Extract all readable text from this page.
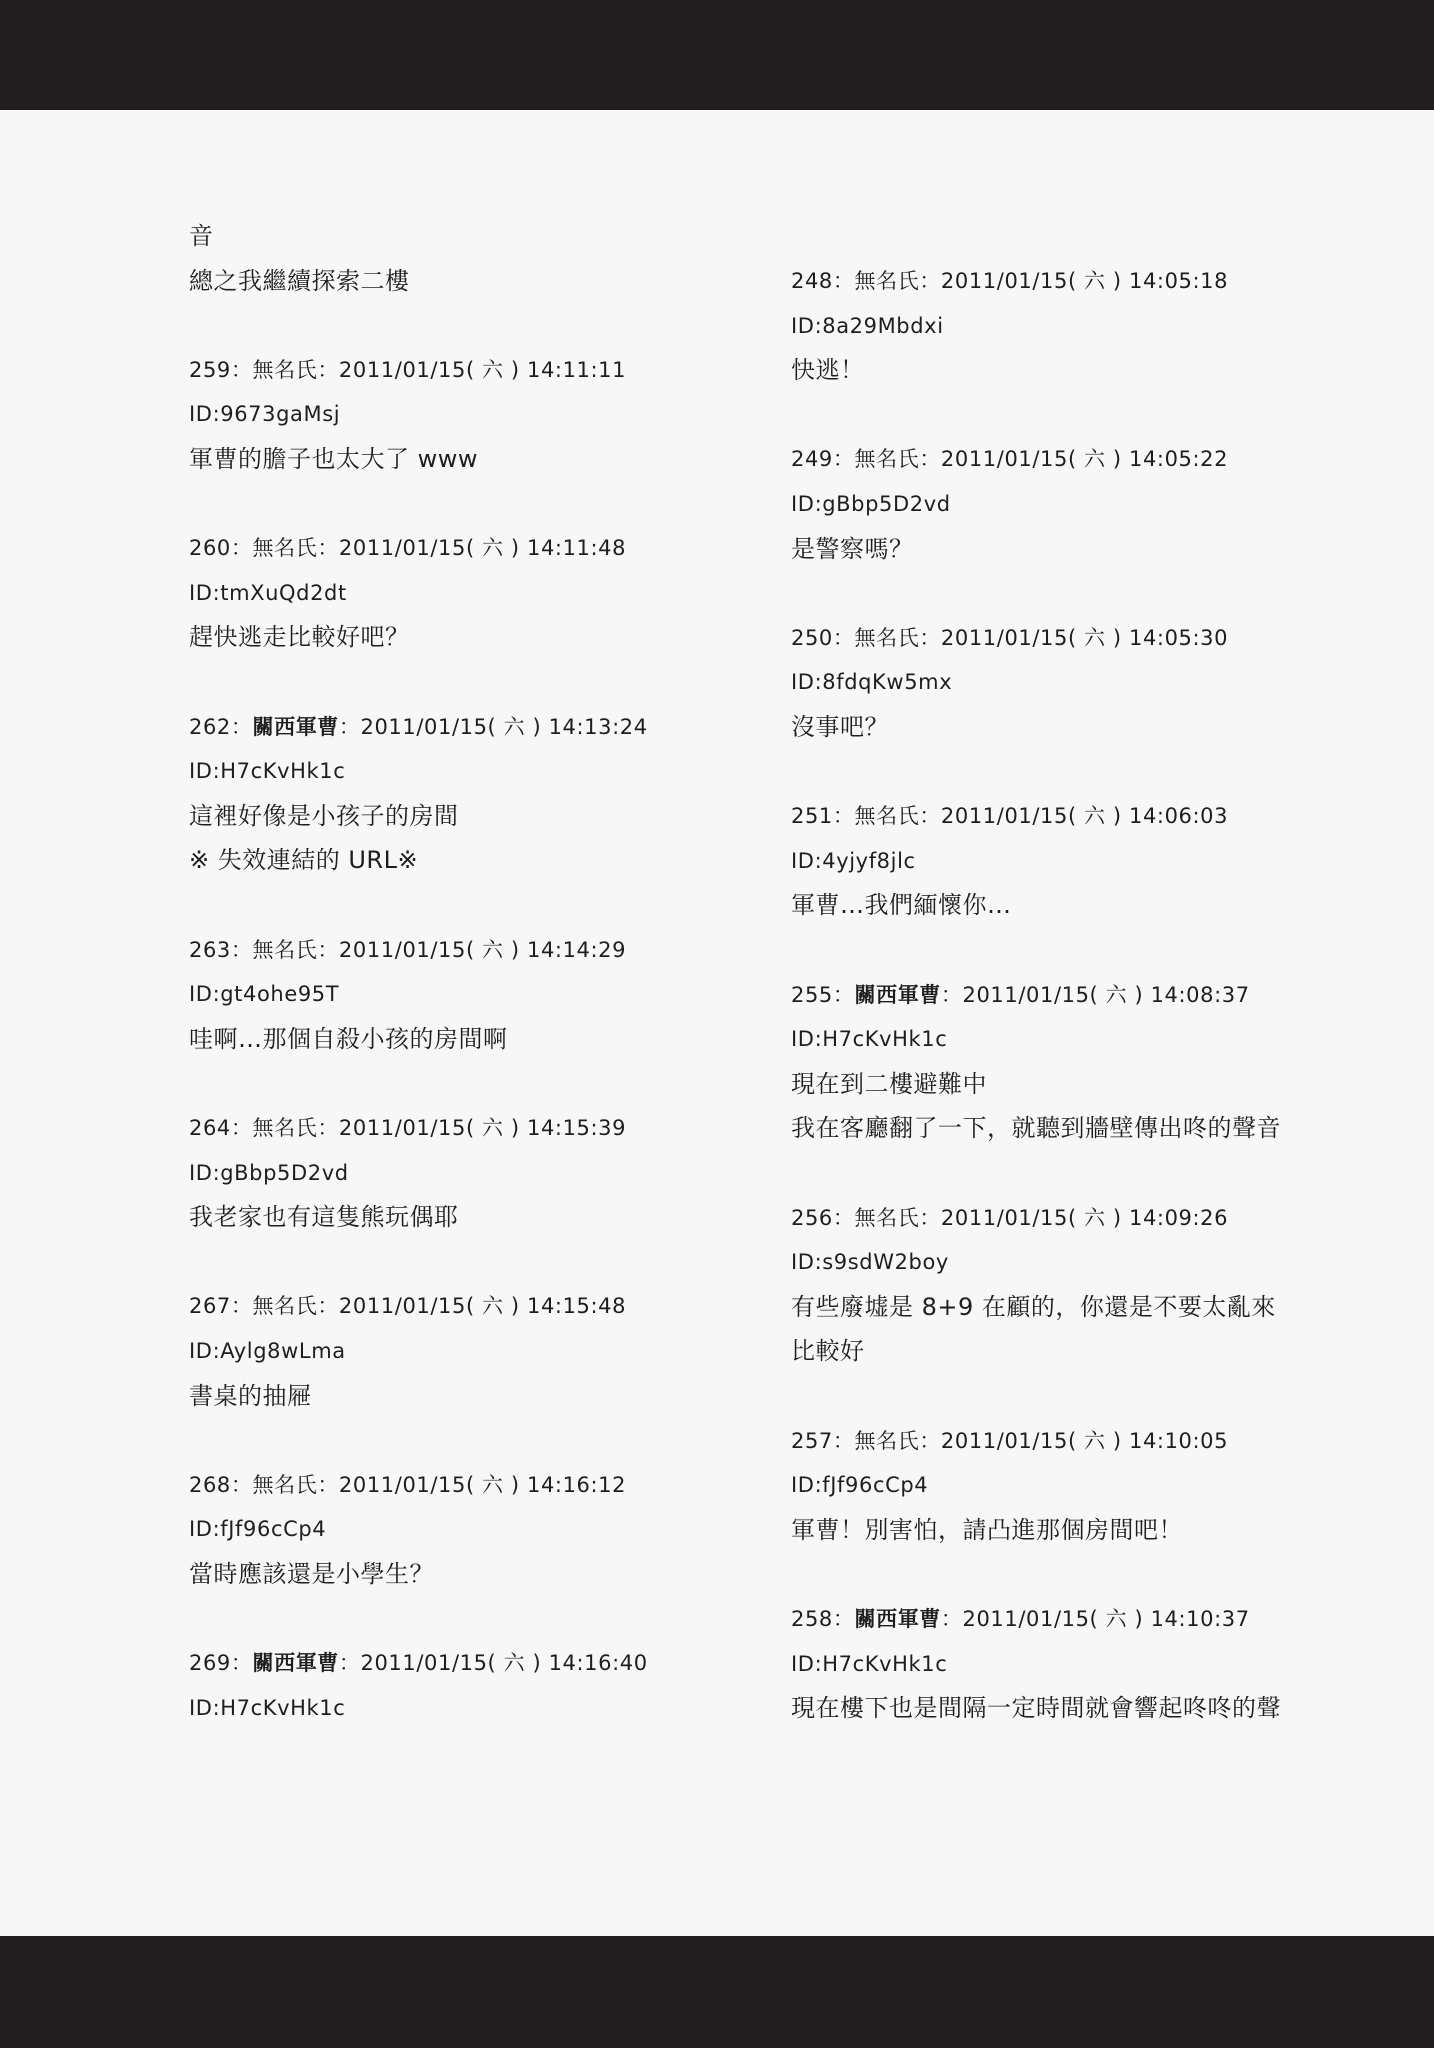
音
總之我繼續探索二樓
259：無名氏：2011/01/15( 六 ) 14:11:11
ID:9673gaMsj
軍曹的膽子也太大了 www
260：無名氏：2011/01/15( 六 ) 14:11:48
ID:tmXuQd2dt
趕快逃走比較好吧？
262：關西軍曹：2011/01/15( 六 ) 14:13:24
ID:H7cKvHk1c
這裡好像是小孩子的房間
※ 失效連結的 URL※
263：無名氏：2011/01/15( 六 ) 14:14:29
ID:gt4ohe95T
哇啊…那個自殺小孩的房間啊
264：無名氏：2011/01/15( 六 ) 14:15:39
ID:gBbp5D2vd
我老家也有這隻熊玩偶耶
267：無名氏：2011/01/15( 六 ) 14:15:48
ID:Aylg8wLma
書桌的抽屜
268：無名氏：2011/01/15( 六 ) 14:16:12
ID:fJf96cCp4
當時應該還是小學生？
269：關西軍曹：2011/01/15( 六 ) 14:16:40
ID:H7cKvHk1c
248：無名氏：2011/01/15( 六 ) 14:05:18
ID:8a29Mbdxi
快逃！
249：無名氏：2011/01/15( 六 ) 14:05:22
ID:gBbp5D2vd
是警察嗎？
250：無名氏：2011/01/15( 六 ) 14:05:30
ID:8fdqKw5mx
沒事吧？
251：無名氏：2011/01/15( 六 ) 14:06:03
ID:4yjyf8jlc
軍曹…我們緬懷你…
255：關西軍曹：2011/01/15( 六 ) 14:08:37
ID:H7cKvHk1c
現在到二樓避難中
我在客廳翻了一下，就聽到牆壁傳出咚的聲音
256：無名氏：2011/01/15( 六 ) 14:09:26
ID:s9sdW2boy
有些廢墟是 8+9 在顧的，你還是不要太亂來
比較好
257：無名氏：2011/01/15( 六 ) 14:10:05
ID:fJf96cCp4
軍曹！別害怕，請凸進那個房間吧！
258：關西軍曹：2011/01/15( 六 ) 14:10:37
ID:H7cKvHk1c
現在樓下也是間隔一定時間就會響起咚咚的聲
